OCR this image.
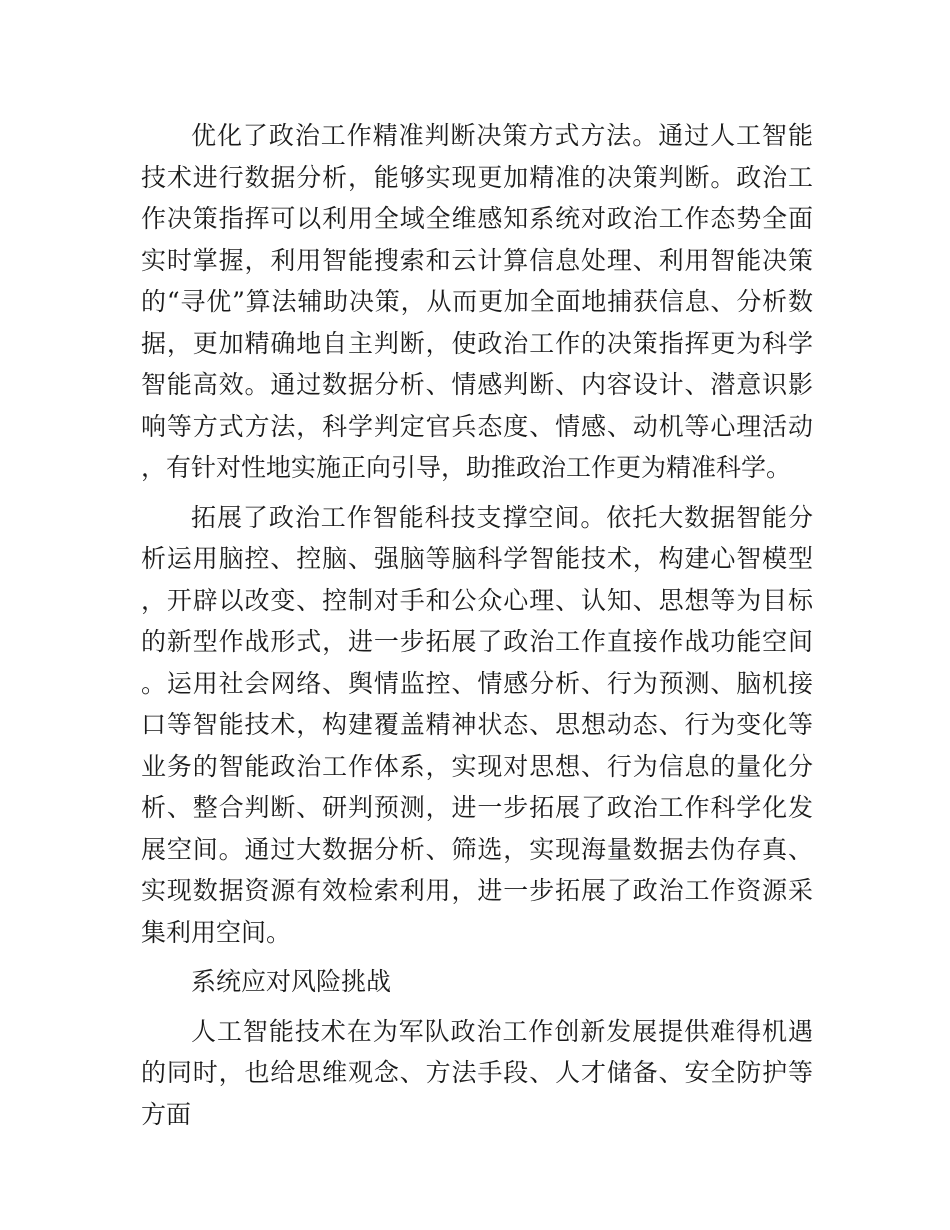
优化了政治工作精准判断决策方式方法。通过人工智能技术进行数据分析，能够实现更加精准的决策判断。政治工作决策指挥可以利用全域全维感知系统对政治工作态势全面实时掌握，利用智能搜索和云计算信息处理、利用智能决策的“寻优”算法辅助决策，从而更加全面地捕获信息、分析数据，更加精确地自主判断，使政治工作的决策指挥更为科学智能高效。通过数据分析、情感判断、内容设计、潜意识影响等方式方法，科学判定官兵态度、情感、动机等心理活动，有针对性地实施正向引导，助推政治工作更为精准科学。

拓展了政治工作智能科技支撑空间。依托大数据智能分析运用脑控、控脑、强脑等脑科学智能技术，构建心智模型，开辟以改变、控制对手和公众心理、认知、思想等为目标的新型作战形式，进一步拓展了政治工作直接作战功能空间。运用社会网络、舆情监控、情感分析、行为预测、脑机接口等智能技术，构建覆盖精神状态、思想动态、行为变化等业务的智能政治工作体系，实现对思想、行为信息的量化分析、整合判断、研判预测，进一步拓展了政治工作科学化发展空间。通过大数据分析、筛选，实现海量数据去伪存真、实现数据资源有效检索利用，进一步拓展了政治工作资源采集利用空间。

系统应对风险挑战

人工智能技术在为军队政治工作创新发展提供难得机遇的同时，也给思维观念、方法手段、人才储备、安全防护等方面
